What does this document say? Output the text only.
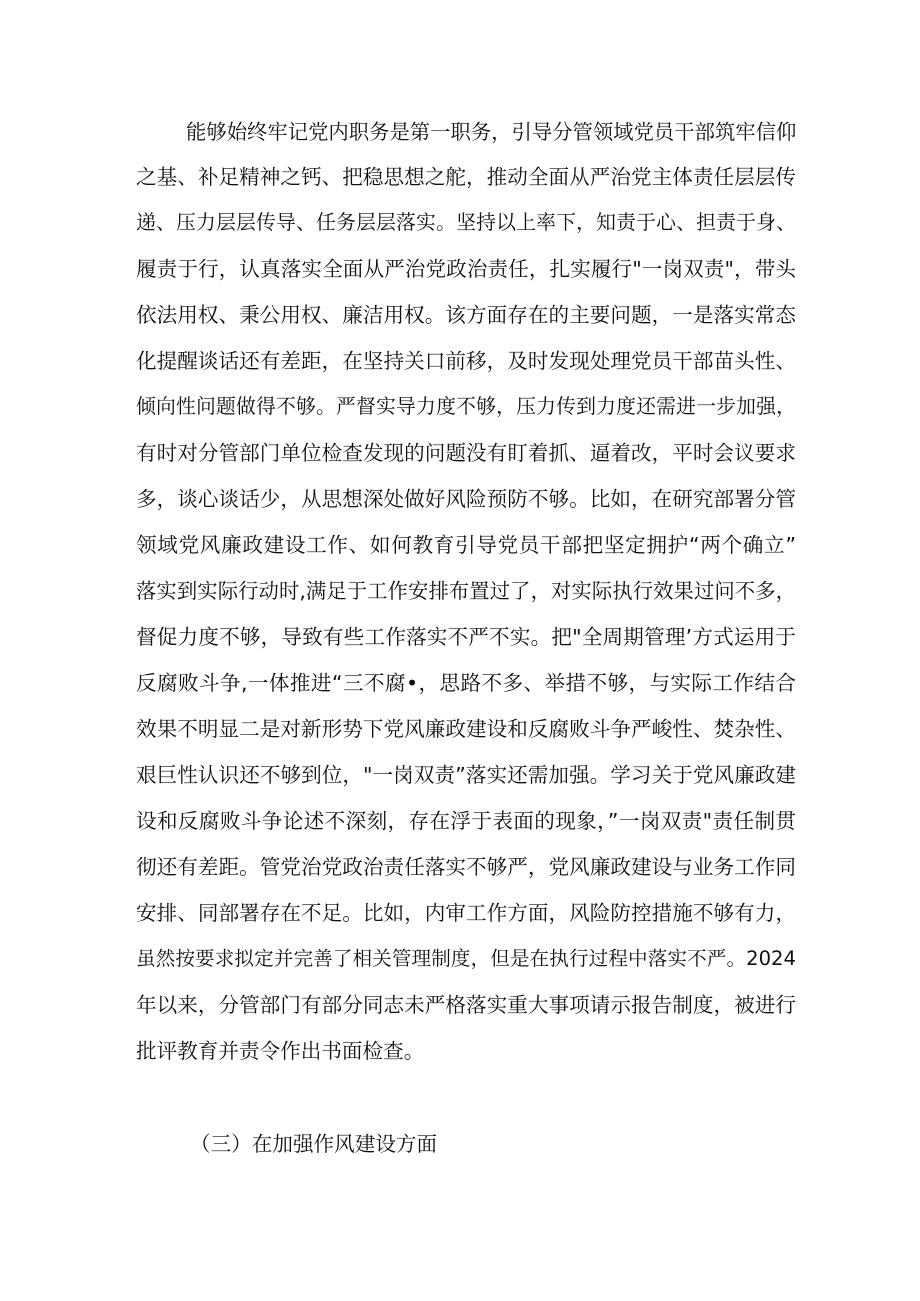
能够始终牢记党内职务是第一职务，引导分管领域党员干部筑牢信仰
之基、补足精神之钙、把稳思想之舵，推动全面从严治党主体责任层层传
递、压力层层传导、任务层层落实。坚持以上率下，知责于心、担责于身、
履责于行，认真落实全面从严治党政治责任，扎实履行"一岗双责"，带头
依法用权、秉公用权、廉洁用权。该方面存在的主要问题，一是落实常态
化提醒谈话还有差距，在坚持关口前移，及时发现处理党员干部苗头性、
倾向性问题做得不够。严督实导力度不够，压力传到力度还需进一步加强，
有时对分管部门单位检查发现的问题没有盯着抓、逼着改，平时会议要求
多，谈心谈话少，从思想深处做好风险预防不够。比如，在研究部署分管
领域党风廉政建设工作、如何教育引导党员干部把坚定拥护“两个确立”
落实到实际行动时,满足于工作安排布置过了，对实际执行效果过问不多，
督促力度不够，导致有些工作落实不严不实。把"全周期管理’方式运用于
反腐败斗争,一体推进“三不腐•，思路不多、举措不够，与实际工作结合
效果不明显二是对新形势下党风廉政建设和反腐败斗争严峻性、焚杂性、
艰巨性认识还不够到位，"一岗双责”落实还需加强。学习关于党风廉政建
设和反腐败斗争论述不深刻，存在浮于表面的现象，”一岗双责"责任制贯
彻还有差距。管党治党政治责任落实不够严，党风廉政建设与业务工作同
安排、同部署存在不足。比如，内审工作方面，风险防控措施不够有力，
虽然按要求拟定并完善了相关管理制度，但是在执行过程中落实不严。2024
年以来，分管部门有部分同志未严格落实重大事项请示报告制度，被进行
批评教育并责令作出书面检查。
（三）在加强作风建设方面
